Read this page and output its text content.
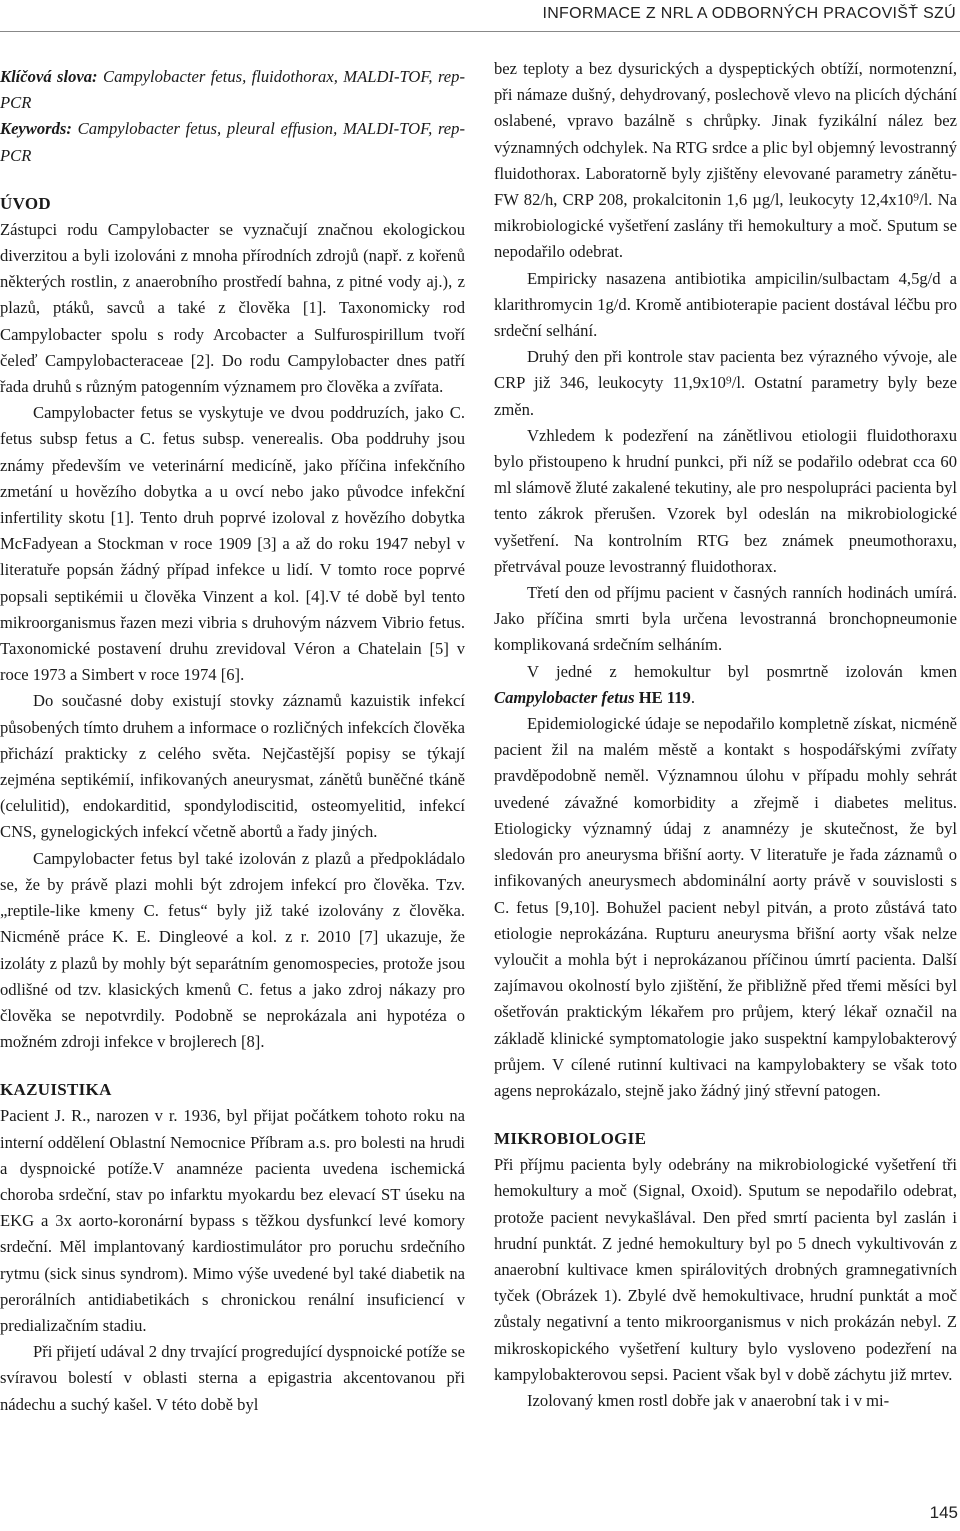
INFORMACE Z NRL A ODBORNÝCH PRACOVIŠŤ SZÚ

Klíčová slova: Campylobacter fetus, fluidothorax, MALDI-TOF, rep-PCR

Keywords: Campylobacter fetus, pleural effusion, MALDI-TOF, rep-PCR

ÚVOD

Zástupci rodu Campylobacter se vyznačují značnou ekologickou diverzitou a byli izolováni z mnoha přírodních zdrojů (např. z kořenů některých rostlin, z anaerobního prostředí bahna, z pitné vody aj.), z plazů, ptáků, savců a také z člověka [1]. Taxonomicky rod Campylobacter spolu s rody Arcobacter a Sulfurospirillum tvoří čeleď Campylobacteraceae [2]. Do rodu Campylobacter dnes patří řada druhů s různým patogenním významem pro člověka a zvířata.

Campylobacter fetus se vyskytuje ve dvou poddruzích, jako C. fetus subsp fetus a C. fetus subsp. venerealis. Oba poddruhy jsou známy především ve veterinární medicíně, jako příčina infekčního zmetání u hovězího dobytka a u ovcí nebo jako původce infekční infertility skotu [1]. Tento druh poprvé izoloval z hovězího dobytka McFadyean a Stockman v roce 1909 [3] a až do roku 1947 nebyl v literatuře popsán žádný případ infekce u lidí. V tomto roce poprvé popsali septikémii u člověka Vinzent a kol. [4].V té době byl tento mikroorganismus řazen mezi vibria s druhovým názvem Vibrio fetus. Taxonomické postavení druhu zrevidoval Véron a Chatelain [5] v roce 1973 a Simbert v roce 1974 [6].

Do současné doby existují stovky záznamů kazuistik infekcí působených tímto druhem a informace o rozličných infekcích člověka přichází prakticky z celého světa. Nejčastější popisy se týkají zejména septikémií, infikovaných aneurysmat, zánětů buněčné tkáně (celulitid), endokarditid, spondylodiscitid, osteomyelitid, infekcí CNS, gynelogických infekcí včetně abortů a řady jiných.

Campylobacter fetus byl také izolován z plazů a předpokládalo se, že by právě plazi mohli být zdrojem infekcí pro člověka. Tzv. „reptile-like kmeny C. fetus“ byly již také izolovány z člověka. Nicméně práce K. E. Dingleové a kol. z r. 2010 [7] ukazuje, že izoláty z plazů by mohly být separátním genomospecies, protože jsou odlišné od tzv. klasických kmenů C. fetus a jako zdroj nákazy pro člověka se nepotvrdily. Podobně se neprokázala ani hypotéza o možném zdroji infekce v brojlerech [8].

KAZUISTIKA

Pacient J. R., narozen v r. 1936, byl přijat počátkem tohoto roku na interní oddělení Oblastní Nemocnice Příbram a.s. pro bolesti na hrudi a dyspnoické potíže.V anamnéze pacienta uvedena ischemická choroba srdeční, stav po infarktu myokardu bez elevací ST úseku na EKG a 3x aorto-koronární bypass s těžkou dysfunkcí levé komory srdeční. Měl implantovaný kardiostimulátor pro poruchu srdečního rytmu (sick sinus syndrom). Mimo výše uvedené byl také diabetik na perorálních antidiabetikách s chronickou renální insuficiencí v predializačním stadiu.

Při přijetí udával 2 dny trvající progredující dyspnoické potíže se svíravou bolestí v oblasti sterna a epigastria akcentovanou při nádechu a suchý kašel. V této době byl

bez teploty a bez dysurických a dyspeptických obtíží, normotenzní, při námaze dušný, dehydrovaný, poslechově vlevo na plicích dýchání oslabené, vpravo bazálně s chrůpky. Jinak fyzikální nález bez významných odchylek. Na RTG srdce a plic byl objemný levostranný fluidothorax. Laboratorně byly zjištěny elevované parametry zánětu-FW 82/h, CRP 208, prokalcitonin 1,6 µg/l, leukocyty 12,4x10⁹/l. Na mikrobiologické vyšetření zaslány tři hemokultury a moč. Sputum se nepodařilo odebrat.

Empiricky nasazena antibiotika ampicilin/sulbactam 4,5g/d a klarithromycin 1g/d. Kromě antibioterapie pacient dostával léčbu pro srdeční selhání.

Druhý den při kontrole stav pacienta bez výrazného vývoje, ale CRP již 346, leukocyty 11,9x10⁹/l. Ostatní parametry byly beze změn.

Vzhledem k podezření na zánětlivou etiologii fluidothoraxu bylo přistoupeno k hrudní punkci, při níž se podařilo odebrat cca 60 ml slámově žluté zakalené tekutiny, ale pro nespolupráci pacienta byl tento zákrok přerušen. Vzorek byl odeslán na mikrobiologické vyšetření. Na kontrolním RTG bez známek pneumothoraxu, přetrvával pouze levostranný fluidothorax.

Třetí den od příjmu pacient v časných ranních hodinách umírá. Jako příčina smrti byla určena levostranná bronchopneumonie komplikovaná srdečním selháním.

V jedné z hemokultur byl posmrtně izolován kmen Campylobacter fetus HE 119.

Epidemiologické údaje se nepodařilo kompletně získat, nicméně pacient žil na malém městě a kontakt s hospodářskými zvířaty pravděpodobně neměl. Významnou úlohu v případu mohly sehrát uvedené závažné komorbidity a zřejmě i diabetes melitus. Etiologicky významný údaj z anamnézy je skutečnost, že byl sledován pro aneurysma břišní aorty. V literatuře je řada záznamů o infikovaných aneurysmech abdominální aorty právě v souvislosti s C. fetus [9,10]. Bohužel pacient nebyl pitván, a proto zůstává tato etiologie neprokázána. Rupturu aneurysma břišní aorty však nelze vyloučit a mohla být i neprokázanou příčinou úmrtí pacienta. Další zajímavou okolností bylo zjištění, že přibližně před třemi měsíci byl ošetřován praktickým lékařem pro průjem, který lékař označil na základě klinické symptomatologie jako suspektní kampylobakterový průjem. V cílené rutinní kultivaci na kampylobaktery se však toto agens neprokázalo, stejně jako žádný jiný střevní patogen.

MIKROBIOLOGIE

Při příjmu pacienta byly odebrány na mikrobiologické vyšetření tři hemokultury a moč (Signal, Oxoid). Sputum se nepodařilo odebrat, protože pacient nevykašlával. Den před smrtí pacienta byl zaslán i hrudní punktát. Z jedné hemokultury byl po 5 dnech vykultivován z anaerobní kultivace kmen spirálovitých drobných gramnegativních tyček (Obrázek 1). Zbylé dvě hemokultivace, hrudní punktát a moč zůstaly negativní a tento mikroorganismus v nich prokázán nebyl. Z mikroskopického vyšetření kultury bylo vysloveno podezření na kampylobakterovou sepsi. Pacient však byl v době záchytu již mrtev.

Izolovaný kmen rostl dobře jak v anaerobní tak i v mi-

145
